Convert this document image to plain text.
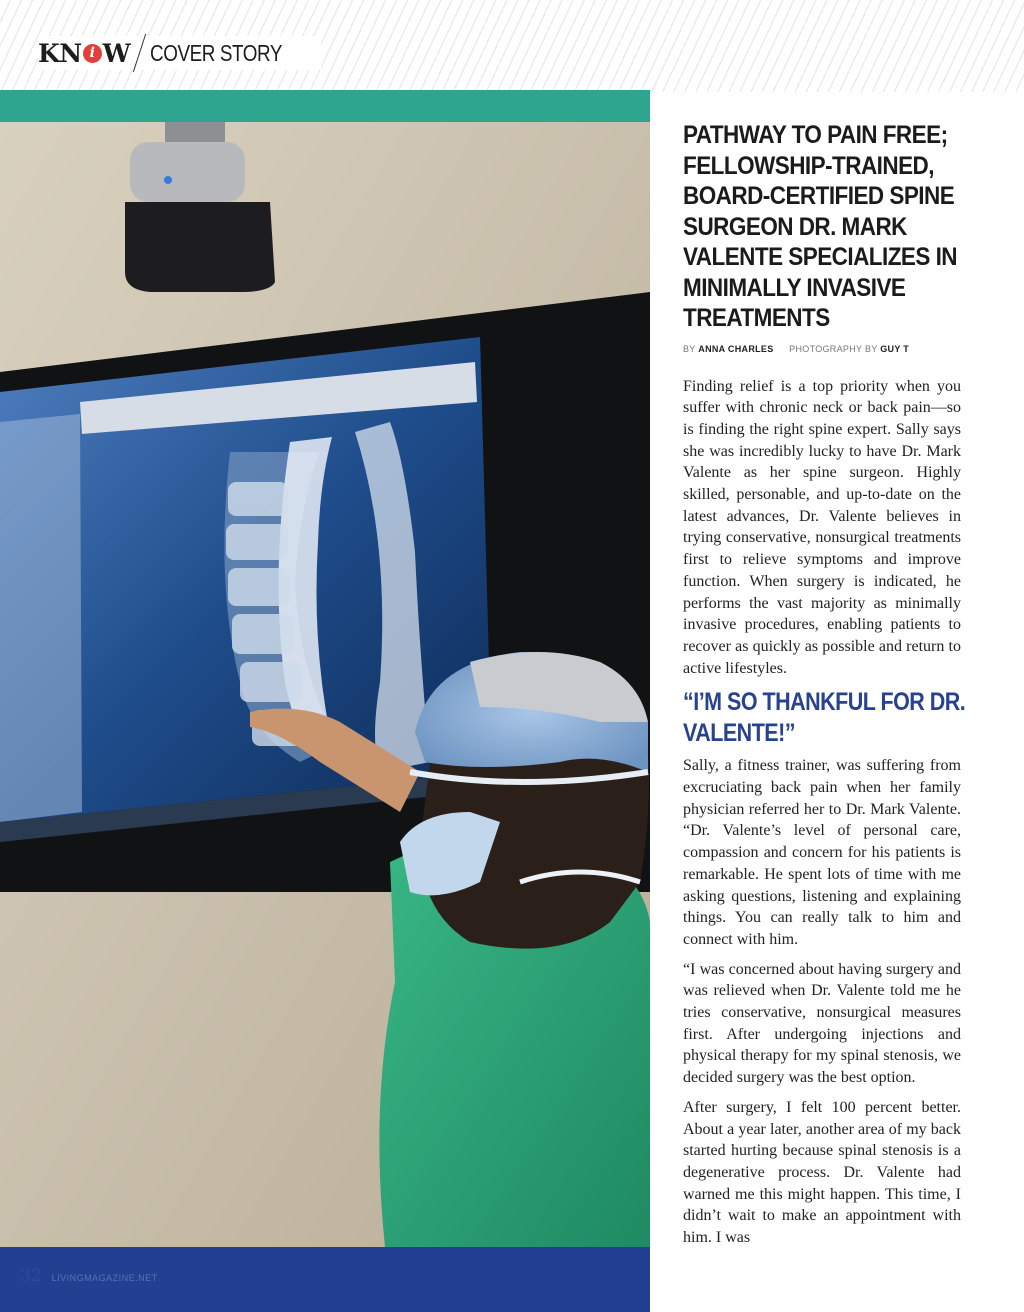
KN i W COVER STORY
32 LIVINGMAGAZINE.NET
PATHWAY TO PAIN FREE; FELLOWSHIP-TRAINED, BOARD-CERTIFIED SPINE SURGEON DR. MARK VALENTE SPECIALIZES IN MINIMALLY INVASIVE TREATMENTS
BY ANNA CHARLES PHOTOGRAPHY BY GUY T

Finding relief is a top priority when you suffer with chronic neck or back pain—so is finding the right spine expert. Sally says she was incredibly lucky to have Dr. Mark Valente as her spine surgeon. Highly skilled, personable, and up-to-date on the latest advances, Dr. Valente believes in trying conservative, nonsurgical treatments first to relieve symptoms and improve function. When surgery is indicated, he performs the vast majority as minimally invasive procedures, enabling patients to recover as quickly as possible and return to active lifestyles.

“I’M SO THANKFUL FOR DR. VALENTE!”

Sally, a fitness trainer, was suffering from excruciating back pain when her family physician referred her to Dr. Mark Valente. “Dr. Valente’s level of personal care, compassion and concern for his patients is remarkable. He spent lots of time with me asking questions, listening and explaining things. You can really talk to him and connect with him.

“I was concerned about having surgery and was relieved when Dr. Valente told me he tries conservative, nonsurgical measures first. After undergoing injections and physical therapy for my spinal stenosis, we decided surgery was the best option.

After surgery, I felt 100 percent better. About a year later, another area of my back started hurting because spinal stenosis is a degenerative process. Dr. Valente had warned me this might happen. This time, I didn’t wait to make an appointment with him. I was
